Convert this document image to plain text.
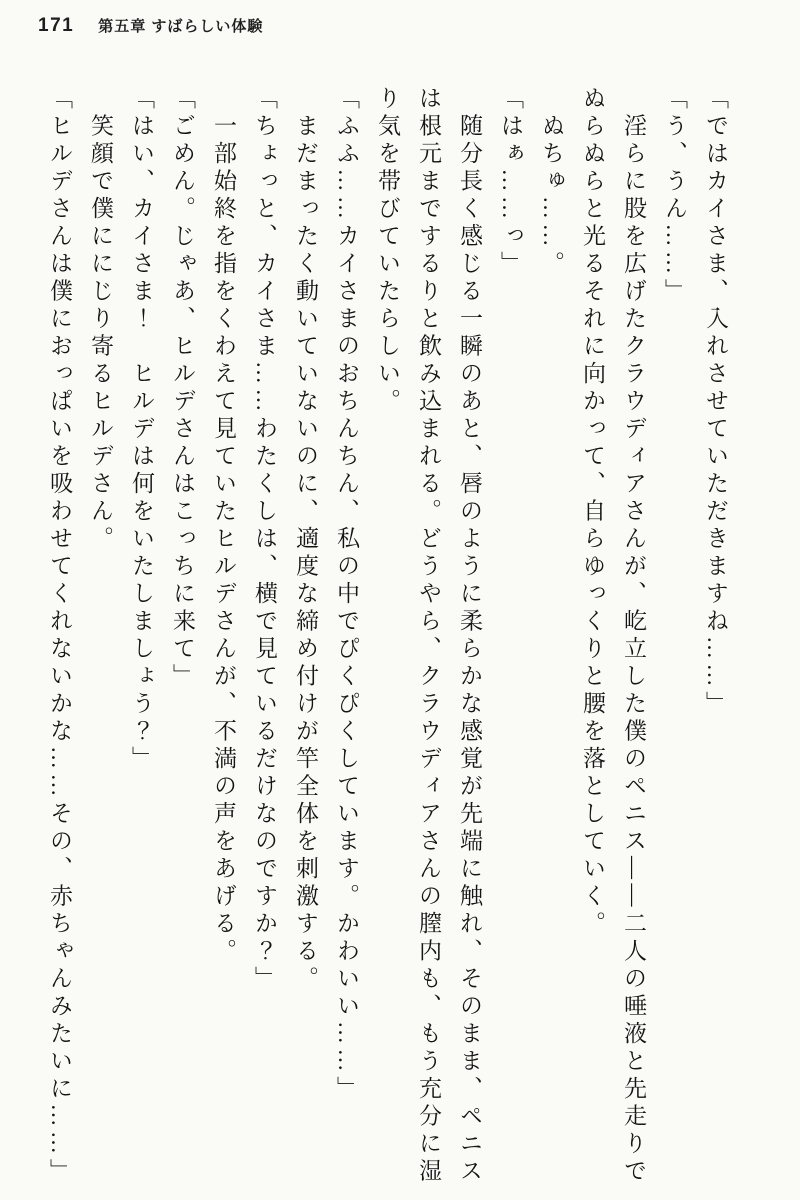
171 第五章 すばらしい体験

「ではカイさま、入れさせていただきますね……」

「う、うん……」

　淫らに股を広げたクラウディアさんが、屹立した僕のペニス――二人の唾液と先走りでぬらぬらと光るそれに向かって、自らゆっくりと腰を落としていく。

　ぬちゅ……。

「はぁ……っ」

　随分長く感じる一瞬のあと、唇のように柔らかな感覚が先端に触れ、そのまま、ペニスは根元までするりと飲み込まれる。どうやら、クラウディアさんの膣内も、もう充分に湿り気を帯びていたらしい。

「ふふ……カイさまのおちんちん、私の中でぴくぴくしています。かわいい……」

　まだまったく動いていないのに、適度な締め付けが竿全体を刺激する。

「ちょっと、カイさま……わたくしは、横で見ているだけなのですか？」

　一部始終を指をくわえて見ていたヒルデさんが、不満の声をあげる。

「ごめん。じゃあ、ヒルデさんはこっちに来て」

「はい、カイさま！　ヒルデは何をいたしましょう？」

　笑顔で僕ににじり寄るヒルデさん。

「ヒルデさんは僕におっぱいを吸わせてくれないかな……その、赤ちゃんみたいに……」
